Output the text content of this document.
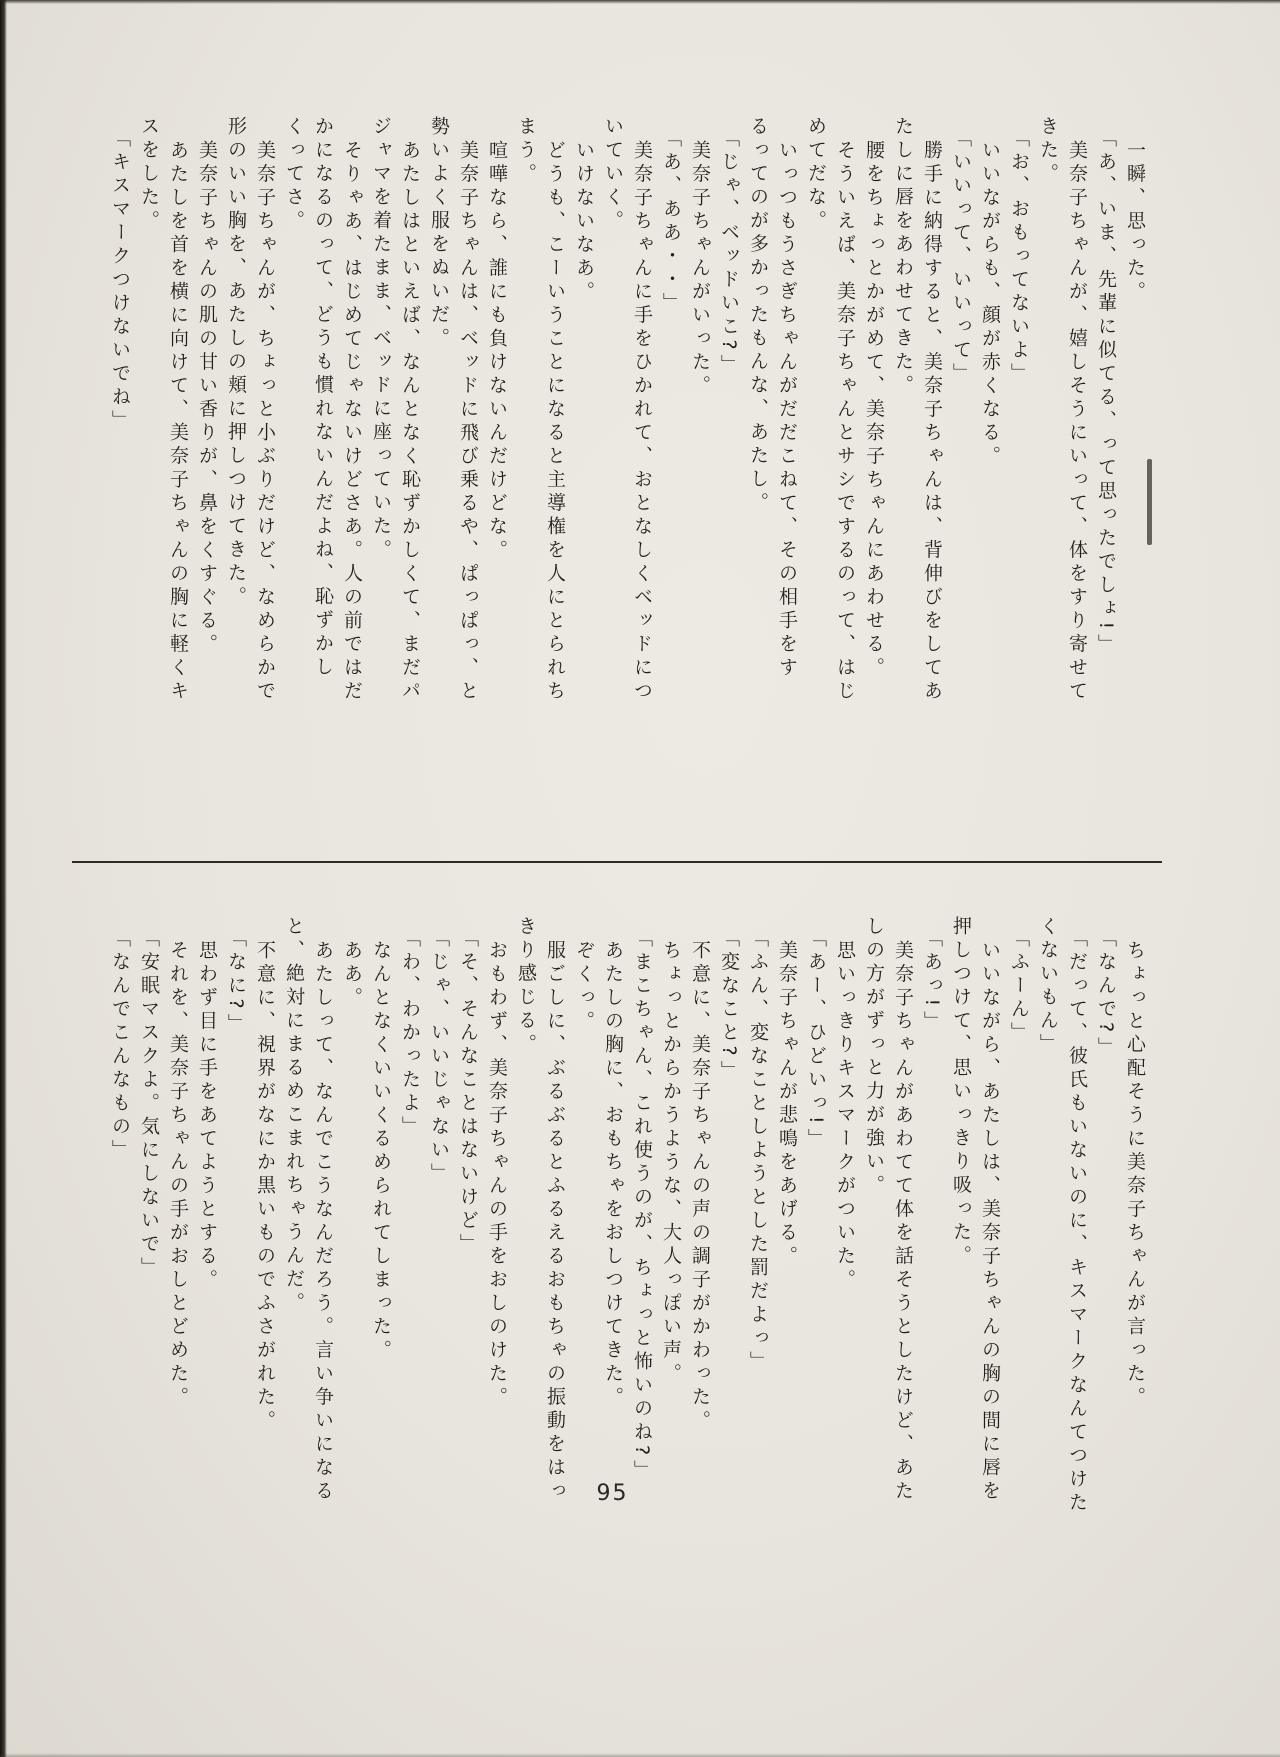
一瞬、思った。

「あ、いま、先輩に似てる、って思ったでしょ!」

美奈子ちゃんが、嬉しそうにいって、体をすり寄せて

きた。

「お、おもってないよ」

いいながらも、顔が赤くなる。

「いいって、いいって」

勝手に納得すると、美奈子ちゃんは、背伸びをしてあ

たしに唇をあわせてきた。

腰をちょっとかがめて、美奈子ちゃんにあわせる。

そういえば、美奈子ちゃんとサシでするのって、はじ

めてだな。

いっつもうさぎちゃんがだだこねて、その相手をす

るってのが多かったもんな、あたし。

「じゃ、ベッドいこ?」

美奈子ちゃんがいった。

「あ、ああ・・」

美奈子ちゃんに手をひかれて、おとなしくベッドにつ

いていく。

いけないなあ。

どうも、こーいうことになると主導権を人にとられち

まう。

喧嘩なら、誰にも負けないんだけどな。

美奈子ちゃんは、ベッドに飛び乗るや、ぱっぱっ、と

勢いよく服をぬいだ。

あたしはといえば、なんとなく恥ずかしくて、まだパ

ジャマを着たまま、ベッドに座っていた。

そりゃあ、はじめてじゃないけどさあ。人の前ではだ

かになるのって、どうも慣れないんだよね、恥ずかし

くってさ。

美奈子ちゃんが、ちょっと小ぶりだけど、なめらかで

形のいい胸を、あたしの頬に押しつけてきた。

美奈子ちゃんの肌の甘い香りが、鼻をくすぐる。

あたしを首を横に向けて、美奈子ちゃんの胸に軽くキ

スをした。

「キスマークつけないでね」

ちょっと心配そうに美奈子ちゃんが言った。

「なんで?」

「だって、彼氏もいないのに、キスマークなんてつけた

くないもん」

「ふーん」

いいながら、あたしは、美奈子ちゃんの胸の間に唇を

押しつけて、思いっきり吸った。

「あっ!」

美奈子ちゃんがあわてて体を話そうとしたけど、あた

しの方がずっと力が強い。

思いっきりキスマークがついた。

「あー、ひどいっ!」

美奈子ちゃんが悲鳴をあげる。

「ふん、変なことしようとした罰だよっ」

「変なこと?」

不意に、美奈子ちゃんの声の調子がかわった。

ちょっとからかうような、大人っぽい声。

「まこちゃん、これ使うのが、ちょっと怖いのね?」

あたしの胸に、おもちゃをおしつけてきた。

ぞくっ。

服ごしに、ぶるぶるとふるえるおもちゃの振動をはっ

きり感じる。

おもわず、美奈子ちゃんの手をおしのけた。

「そ、そんなことはないけど」

「じゃ、いいじゃない」

「わ、わかったよ」

なんとなくいいくるめられてしまった。

ああ。

あたしって、なんでこうなんだろう。言い争いになる

と、絶対にまるめこまれちゃうんだ。

不意に、視界がなにか黒いものでふさがれた。

「なに?」

思わず目に手をあてようとする。

それを、美奈子ちゃんの手がおしとどめた。

「安眠マスクよ。気にしないで」

「なんでこんなもの」

95
